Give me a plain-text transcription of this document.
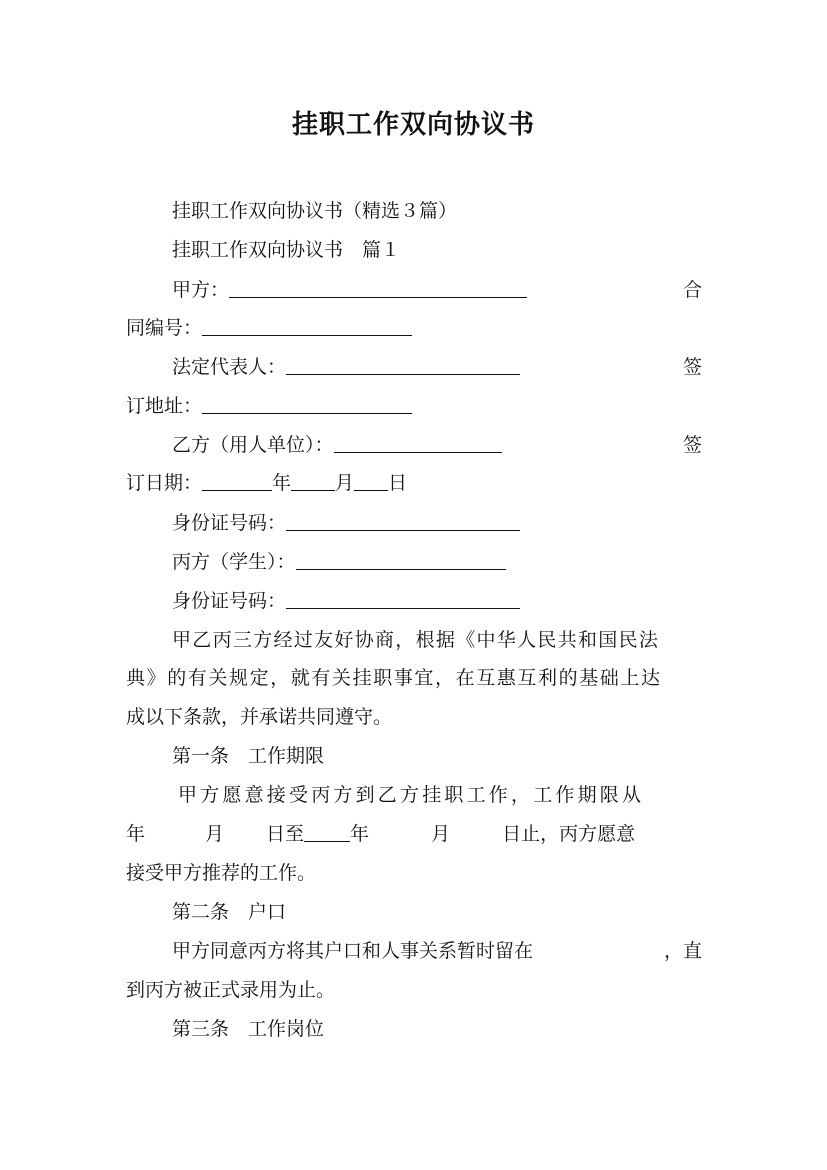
挂职工作双向协议书
挂职工作双向协议书（精选３篇）
挂职工作双向协议书　篇１
甲方：	合
同编号：
法定代表人：	签
订地址：
乙方（用人单位）：	签
订日期：	年 月 日
身份证号码：
丙方（学生）：
身份证号码：
甲乙丙三方经过友好协商，根据《中华人民共和国民法
典》的有关规定，就有关挂职事宜，在互惠互利的基础上达
成以下条款，并承诺共同遵守。
第一条　工作期限
甲方愿意接受丙方到乙方挂职工作，工作期限从
年	月 日至 年	月	日止，丙方愿意
接受甲方推荐的工作。
第二条　户口
甲方同意丙方将其户口和人事关系暂时留在	，直
到丙方被正式录用为止。
第三条　工作岗位
